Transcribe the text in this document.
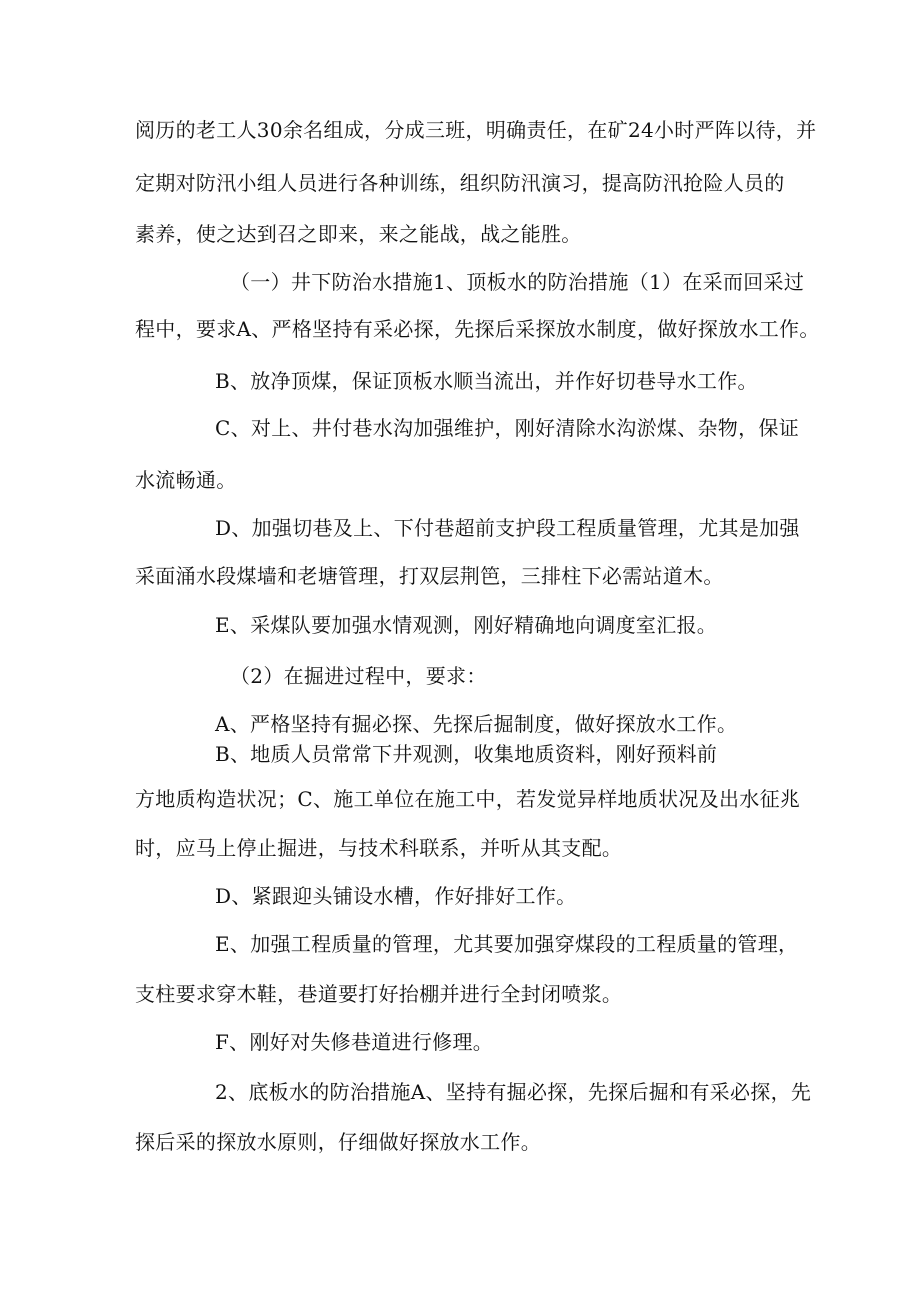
阅历的老工人30余名组成，分成三班，明确责任，在矿24小时严阵以待，并
定期对防汛小组人员进行各种训练，组织防汛演习，提高防汛抢险人员的
素养，使之达到召之即来，来之能战，战之能胜。
（一）井下防治水措施1、顶板水的防治措施（1）在采而回采过
程中，要求A、严格坚持有采必探，先探后采探放水制度，做好探放水工作。
B、放净顶煤，保证顶板水顺当流出，并作好切巷导水工作。
C、对上、井付巷水沟加强维护，刚好清除水沟淤煤、杂物，保证
水流畅通。
D、加强切巷及上、下付巷超前支护段工程质量管理，尤其是加强
采面涌水段煤墙和老塘管理，打双层荆笆，三排柱下必需站道木。
E、采煤队要加强水情观测，刚好精确地向调度室汇报。
（2）在掘进过程中，要求：
A、严格坚持有掘必探、先探后掘制度，做好探放水工作。
B、地质人员常常下井观测，收集地质资料，刚好预料前
方地质构造状况；C、施工单位在施工中，若发觉异样地质状况及出水征兆
时，应马上停止掘进，与技术科联系，并听从其支配。
D、紧跟迎头铺设水槽，作好排好工作。
E、加强工程质量的管理，尤其要加强穿煤段的工程质量的管理，
支柱要求穿木鞋，巷道要打好抬棚并进行全封闭喷浆。
F、刚好对失修巷道进行修理。
2、底板水的防治措施A、坚持有掘必探，先探后掘和有采必探，先
探后采的探放水原则，仔细做好探放水工作。
